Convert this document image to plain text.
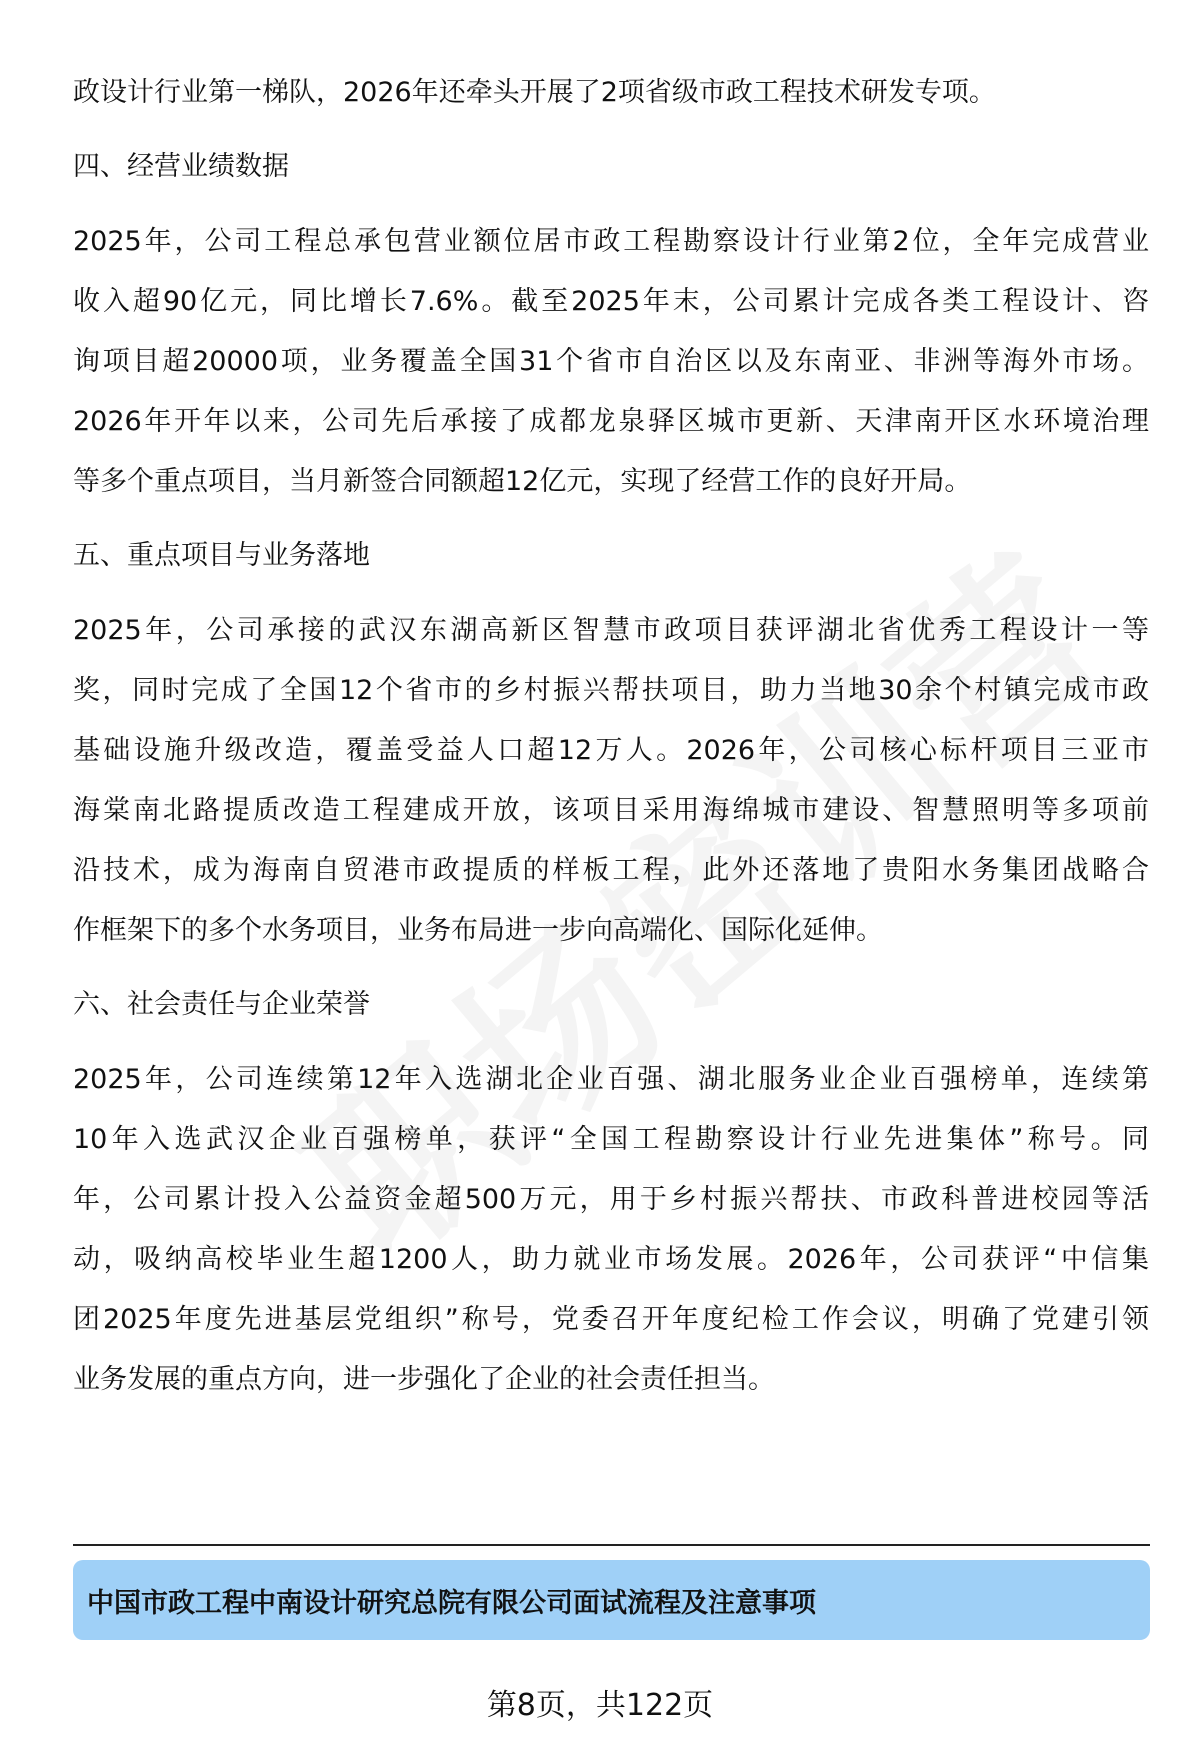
政设计行业第一梯队，2026年还牵头开展了2项省级市政工程技术研发专项。
四、经营业绩数据
2025年，公司工程总承包营业额位居市政工程勘察设计行业第2位，全年完成营业
收入超90亿元，同比增长7.6%。截至2025年末，公司累计完成各类工程设计、咨
询项目超20000项，业务覆盖全国31个省市自治区以及东南亚、非洲等海外市场。
2026年开年以来，公司先后承接了成都龙泉驿区城市更新、天津南开区水环境治理
等多个重点项目，当月新签合同额超12亿元，实现了经营工作的良好开局。
五、重点项目与业务落地
2025年，公司承接的武汉东湖高新区智慧市政项目获评湖北省优秀工程设计一等
奖，同时完成了全国12个省市的乡村振兴帮扶项目，助力当地30余个村镇完成市政
基础设施升级改造，覆盖受益人口超12万人。2026年，公司核心标杆项目三亚市
海棠南北路提质改造工程建成开放，该项目采用海绵城市建设、智慧照明等多项前
沿技术，成为海南自贸港市政提质的样板工程，此外还落地了贵阳水务集团战略合
作框架下的多个水务项目，业务布局进一步向高端化、国际化延伸。
六、社会责任与企业荣誉
2025年，公司连续第12年入选湖北企业百强、湖北服务业企业百强榜单，连续第
10年入选武汉企业百强榜单，获评“全国工程勘察设计行业先进集体”称号。同
年，公司累计投入公益资金超500万元，用于乡村振兴帮扶、市政科普进校园等活
动，吸纳高校毕业生超1200人，助力就业市场发展。2026年，公司获评“中信集
团2025年度先进基层党组织”称号，党委召开年度纪检工作会议，明确了党建引领
业务发展的重点方向，进一步强化了企业的社会责任担当。
中国市政工程中南设计研究总院有限公司面试流程及注意事项
第8页，共122页
